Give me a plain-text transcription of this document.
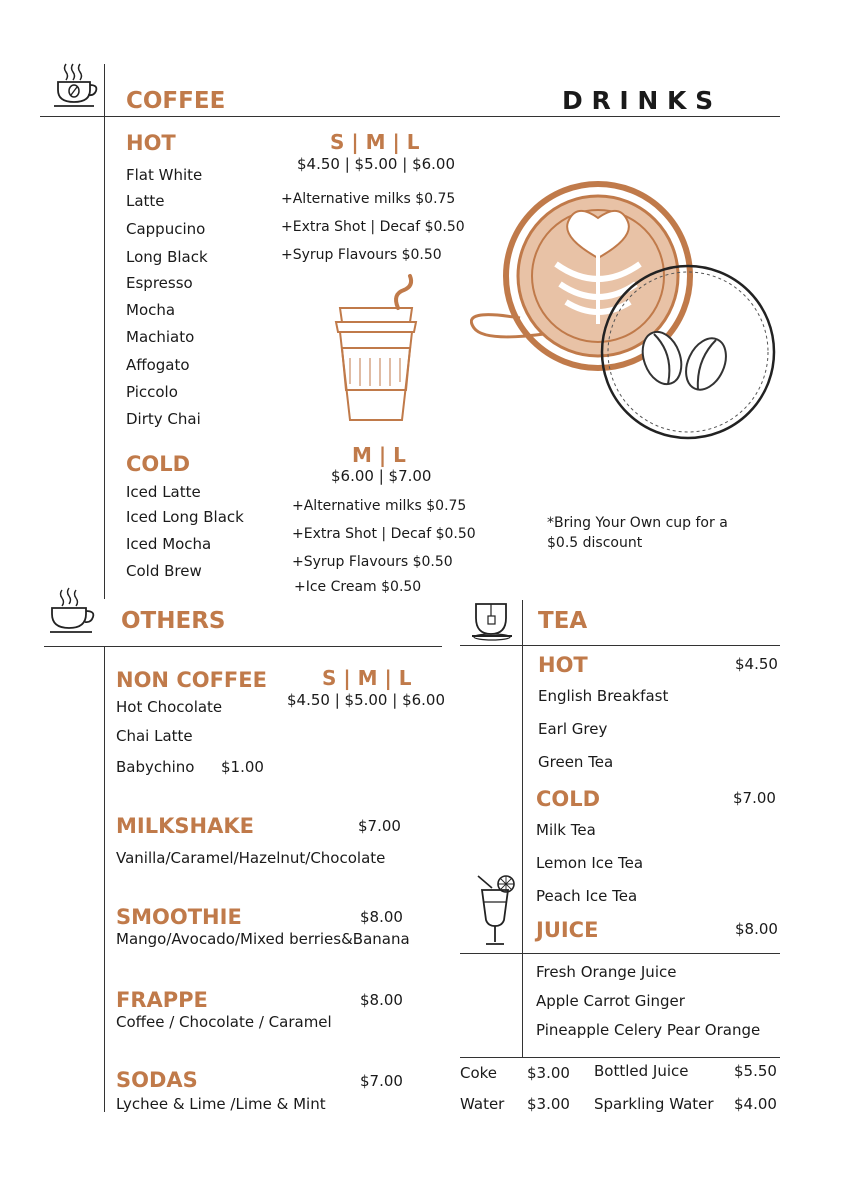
COFFEE	D R I N K S
HOT	S | M | L
$4.50 | $5.00 | $6.00
Flat White
Latte
Cappucino
Long Black
Espresso
Mocha
Machiato
Affogato
Piccolo
Dirty Chai
+Alternative milks $0.75
+Extra Shot | Decaf $0.50
+Syrup Flavours $0.50
COLD	M | L
$6.00 | $7.00
Iced Latte
Iced Long Black
Iced Mocha
Cold Brew
+Alternative milks $0.75
+Extra Shot | Decaf $0.50
+Syrup Flavours $0.50
+Ice Cream $0.50
*Bring Your Own cup for a
$0.5 discount
OTHERS
NON COFFEE	S | M | L
$4.50 | $5.00 | $6.00
Hot Chocolate
Chai Latte
Babychino $1.00
MILKSHAKE	$7.00
Vanilla/Caramel/Hazelnut/Chocolate
SMOOTHIE	$8.00
Mango/Avocado/Mixed berries&Banana
FRAPPE	$8.00
Coffee / Chocolate / Caramel
SODAS	$7.00
Lychee & Lime /Lime & Mint
TEA
HOT	$4.50
English Breakfast
Earl Grey
Green Tea
COLD	$7.00
Milk Tea
Lemon Ice Tea
Peach Ice Tea
JUICE	$8.00
Fresh Orange Juice
Apple Carrot Ginger
Pineapple Celery Pear Orange
Coke $3.00 Bottled Juice	$5.50
Water $3.00 Sparkling Water $4.00
